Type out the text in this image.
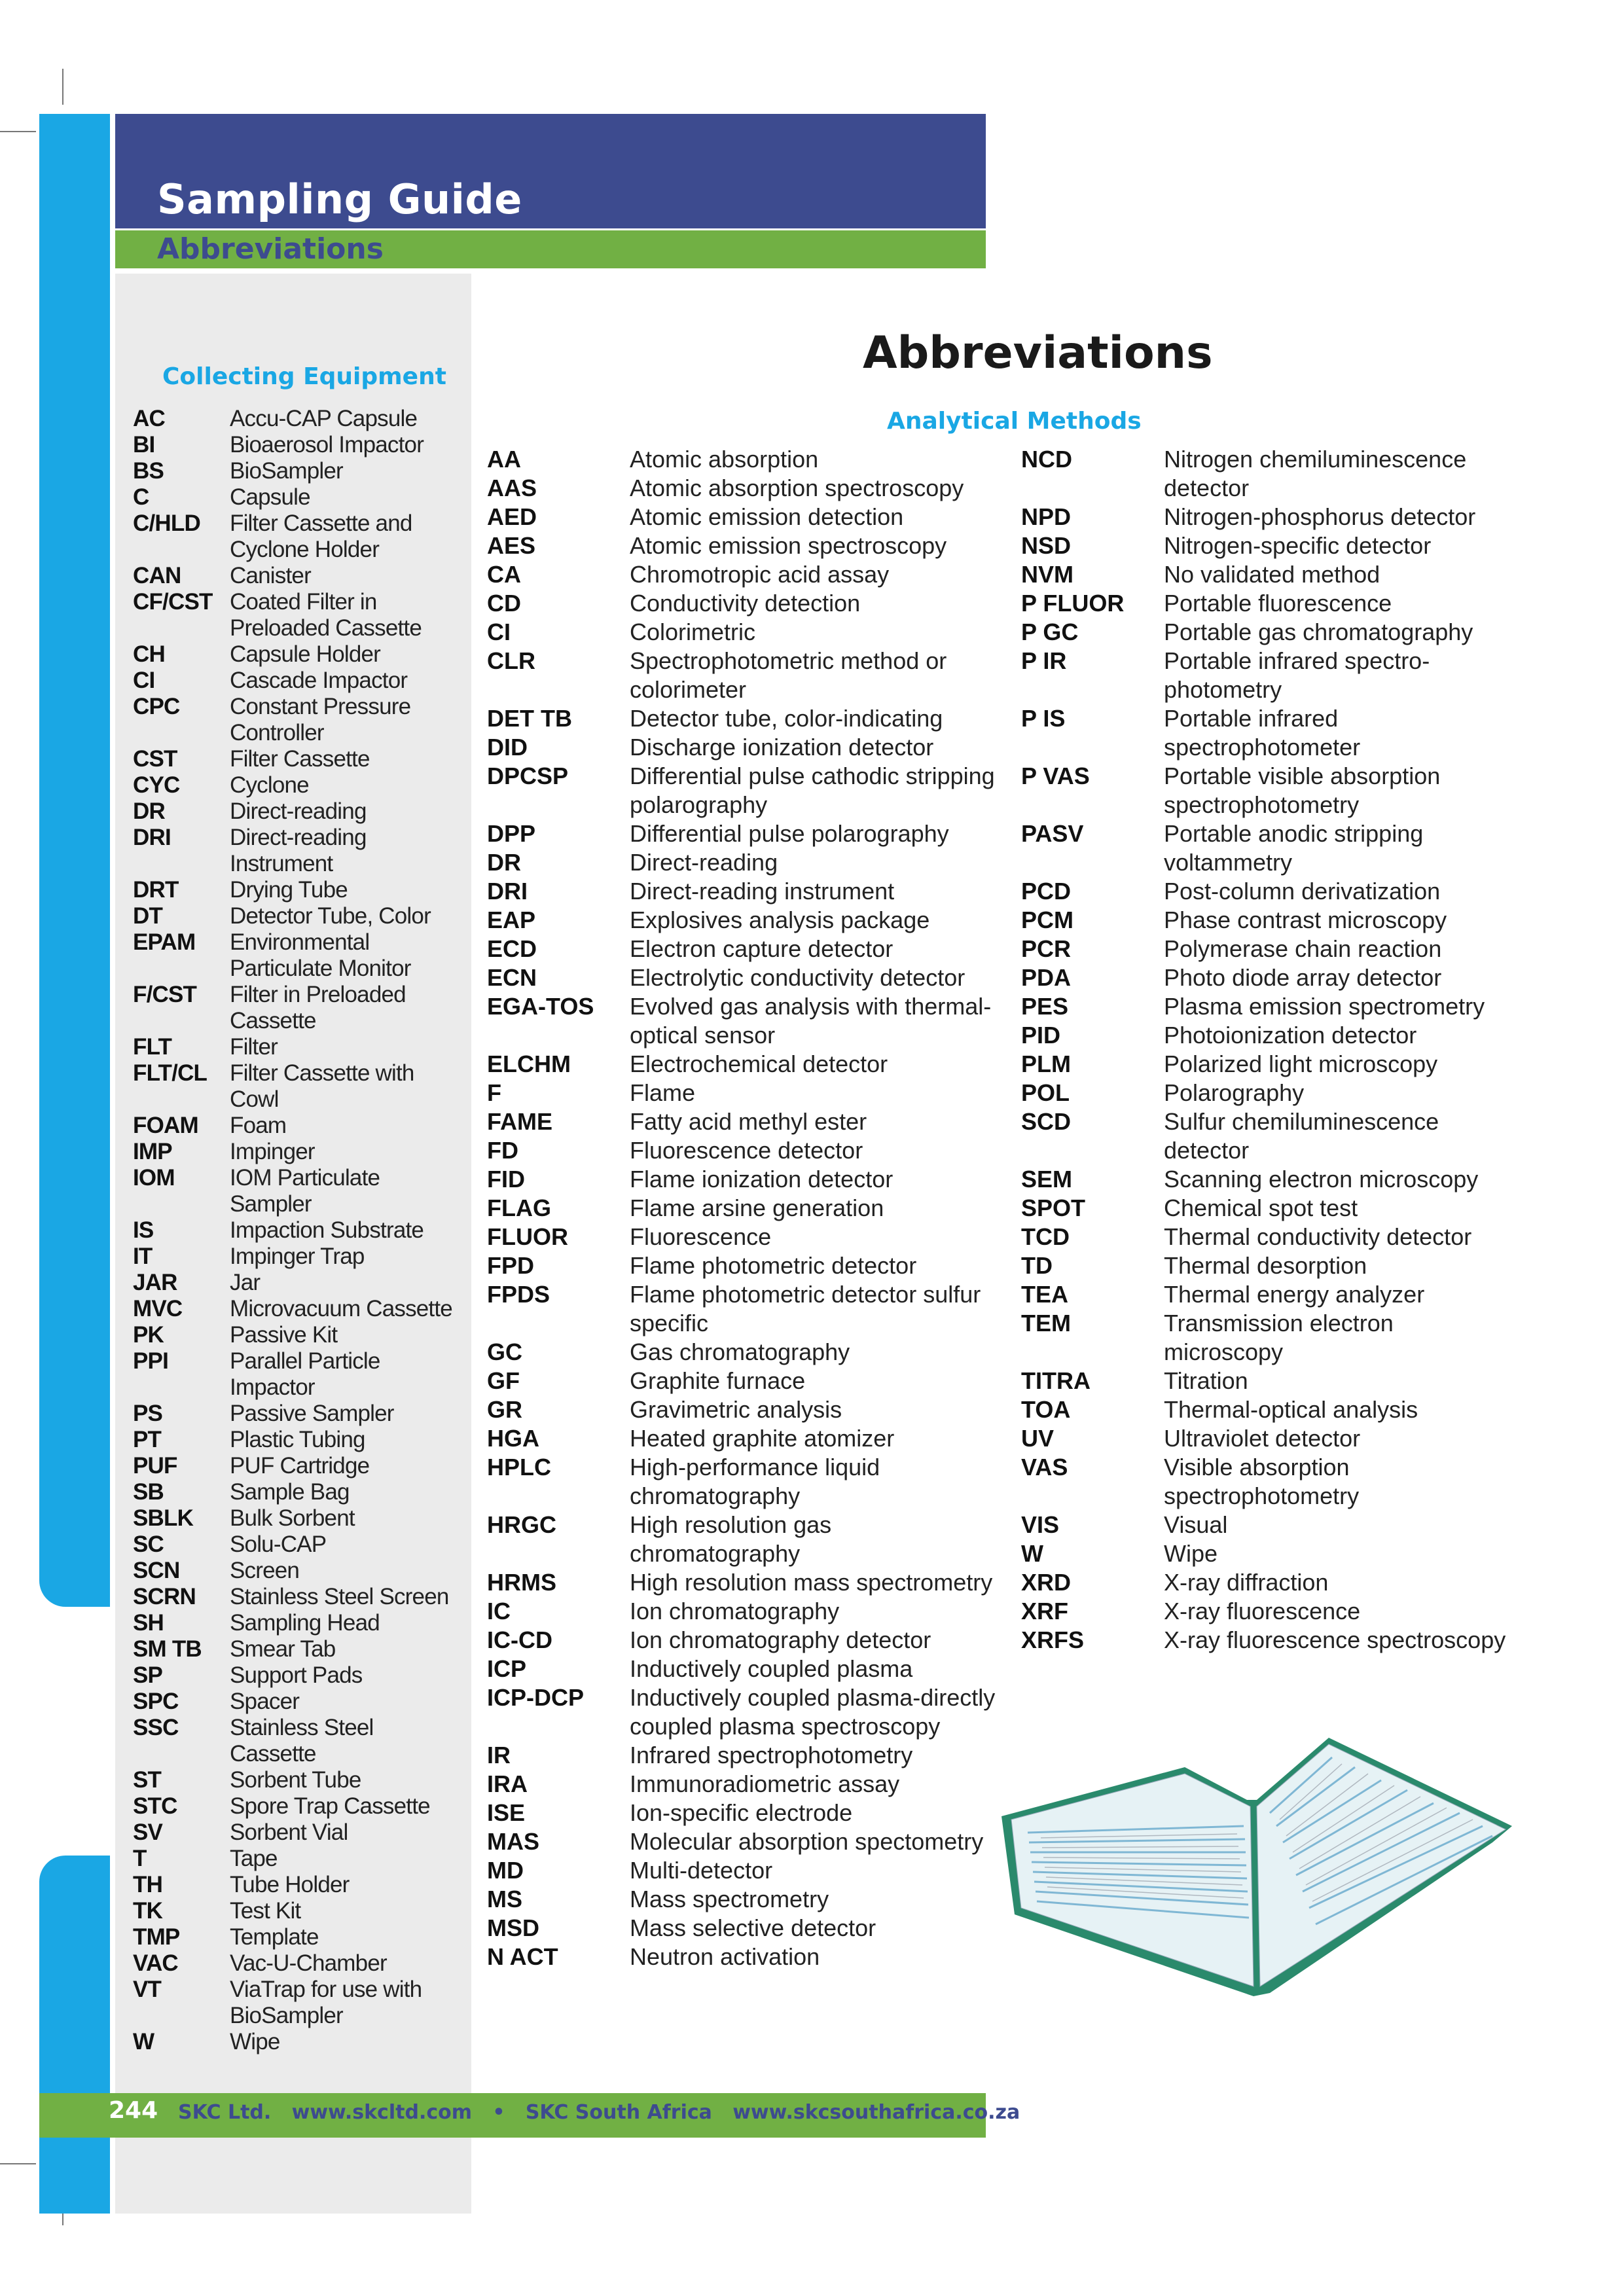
Sampling Guide
Abbreviations
Abbreviations
Collecting Equipment
Analytical Methods
AC	Accu-CAP Capsule
BI	Bioaerosol Impactor
BS	BioSampler
C	Capsule
C/HLD	Filter Cassette and Cyclone Holder
CAN	Canister
CF/CST Coated Filter in Preloaded Cassette
CH	Capsule Holder
CI	Cascade Impactor
CPC	Constant Pressure Controller
CST	Filter Cassette
CYC	Cyclone
DR	Direct-reading
DRI	Direct-reading Instrument
DRT	Drying Tube
DT	Detector Tube, Color
EPAM	Environmental Particulate Monitor
F/CST	Filter in Preloaded Cassette
FLT	Filter
FLT/CL Filter Cassette with Cowl
FOAM	Foam
IMP	Impinger
IOM	IOM Particulate Sampler
IS	Impaction Substrate
IT	Impinger Trap
JAR	Jar
MVC	Microvacuum Cassette
PK	Passive Kit
PPI	Parallel Particle Impactor
PS	Passive Sampler
PT	Plastic Tubing
PUF	PUF Cartridge
SB	Sample Bag
SBLK	Bulk Sorbent
SC	Solu-CAP
SCN	Screen
SCRN	Stainless Steel Screen
SH	Sampling Head
SM TB	Smear Tab
SP	Support Pads
SPC	Spacer
SSC	Stainless Steel Cassette
ST	Sorbent Tube
STC	Spore Trap Cassette
SV	Sorbent Vial
T	Tape
TH	Tube Holder
TK	Test Kit
TMP	Template
VAC	Vac-U-Chamber
VT	ViaTrap for use with BioSampler
W	Wipe
AA	Atomic absorption
AAS	Atomic absorption spectroscopy
AED	Atomic emission detection
AES	Atomic emission spectroscopy
CA	Chromotropic acid assay
CD	Conductivity detection
CI	Colorimetric
CLR	Spectrophotometric method or colorimeter
DET TB	Detector tube, color-indicating
DID	Discharge ionization detector
DPCSP	Differential pulse cathodic stripping polarography
DPP	Differential pulse polarography
DR	Direct-reading
DRI	Direct-reading instrument
EAP	Explosives analysis package
ECD	Electron capture detector
ECN	Electrolytic conductivity detector
EGA-TOS	Evolved gas analysis with thermal-optical sensor
ELCHM	Electrochemical detector
F	Flame
FAME	Fatty acid methyl ester
FD	Fluorescence detector
FID	Flame ionization detector
FLAG	Flame arsine generation
FLUOR	Fluorescence
FPD	Flame photometric detector
FPDS	Flame photometric detector sulfur specific
GC	Gas chromatography
GF	Graphite furnace
GR	Gravimetric analysis
HGA	Heated graphite atomizer
HPLC	High-performance liquid chromatography
HRGC	High resolution gas chromatography
HRMS	High resolution mass spectrometry
IC	Ion chromatography
IC-CD	Ion chromatography detector
ICP	Inductively coupled plasma
ICP-DCP	Inductively coupled plasma-directly coupled plasma spectroscopy
IR	Infrared spectrophotometry
IRA	Immunoradiometric assay
ISE	Ion-specific electrode
MAS	Molecular absorption spectometry
MD	Multi-detector
MS	Mass spectrometry
MSD	Mass selective detector
N ACT	Neutron activation
NCD	Nitrogen chemiluminescence detector
NPD	Nitrogen-phosphorus detector
NSD	Nitrogen-specific detector
NVM	No validated method
P FLUOR	Portable fluorescence
P GC	Portable gas chromatography
P IR	Portable infrared spectro-photometry
P IS	Portable infrared spectrophotometer
P VAS	Portable visible absorption spectrophotometry
PASV	Portable anodic stripping voltammetry
PCD	Post-column derivatization
PCM	Phase contrast microscopy
PCR	Polymerase chain reaction
PDA	Photo diode array detector
PES	Plasma emission spectrometry
PID	Photoionization detector
PLM	Polarized light microscopy
POL	Polarography
SCD	Sulfur chemiluminescence detector
SEM	Scanning electron microscopy
SPOT	Chemical spot test
TCD	Thermal conductivity detector
TD	Thermal desorption
TEA	Thermal energy analyzer
TEM	Transmission electron microscopy
TITRA	Titration
TOA	Thermal-optical analysis
UV	Ultraviolet detector
VAS	Visible absorption spectrophotometry
VIS	Visual
W	Wipe
XRD	X-ray diffraction
XRF	X-ray fluorescence
XRFS	X-ray fluorescence spectroscopy
244 SKC Ltd.   www.skcltd.com   •   SKC South Africa   www.skcsouthafrica.co.za
